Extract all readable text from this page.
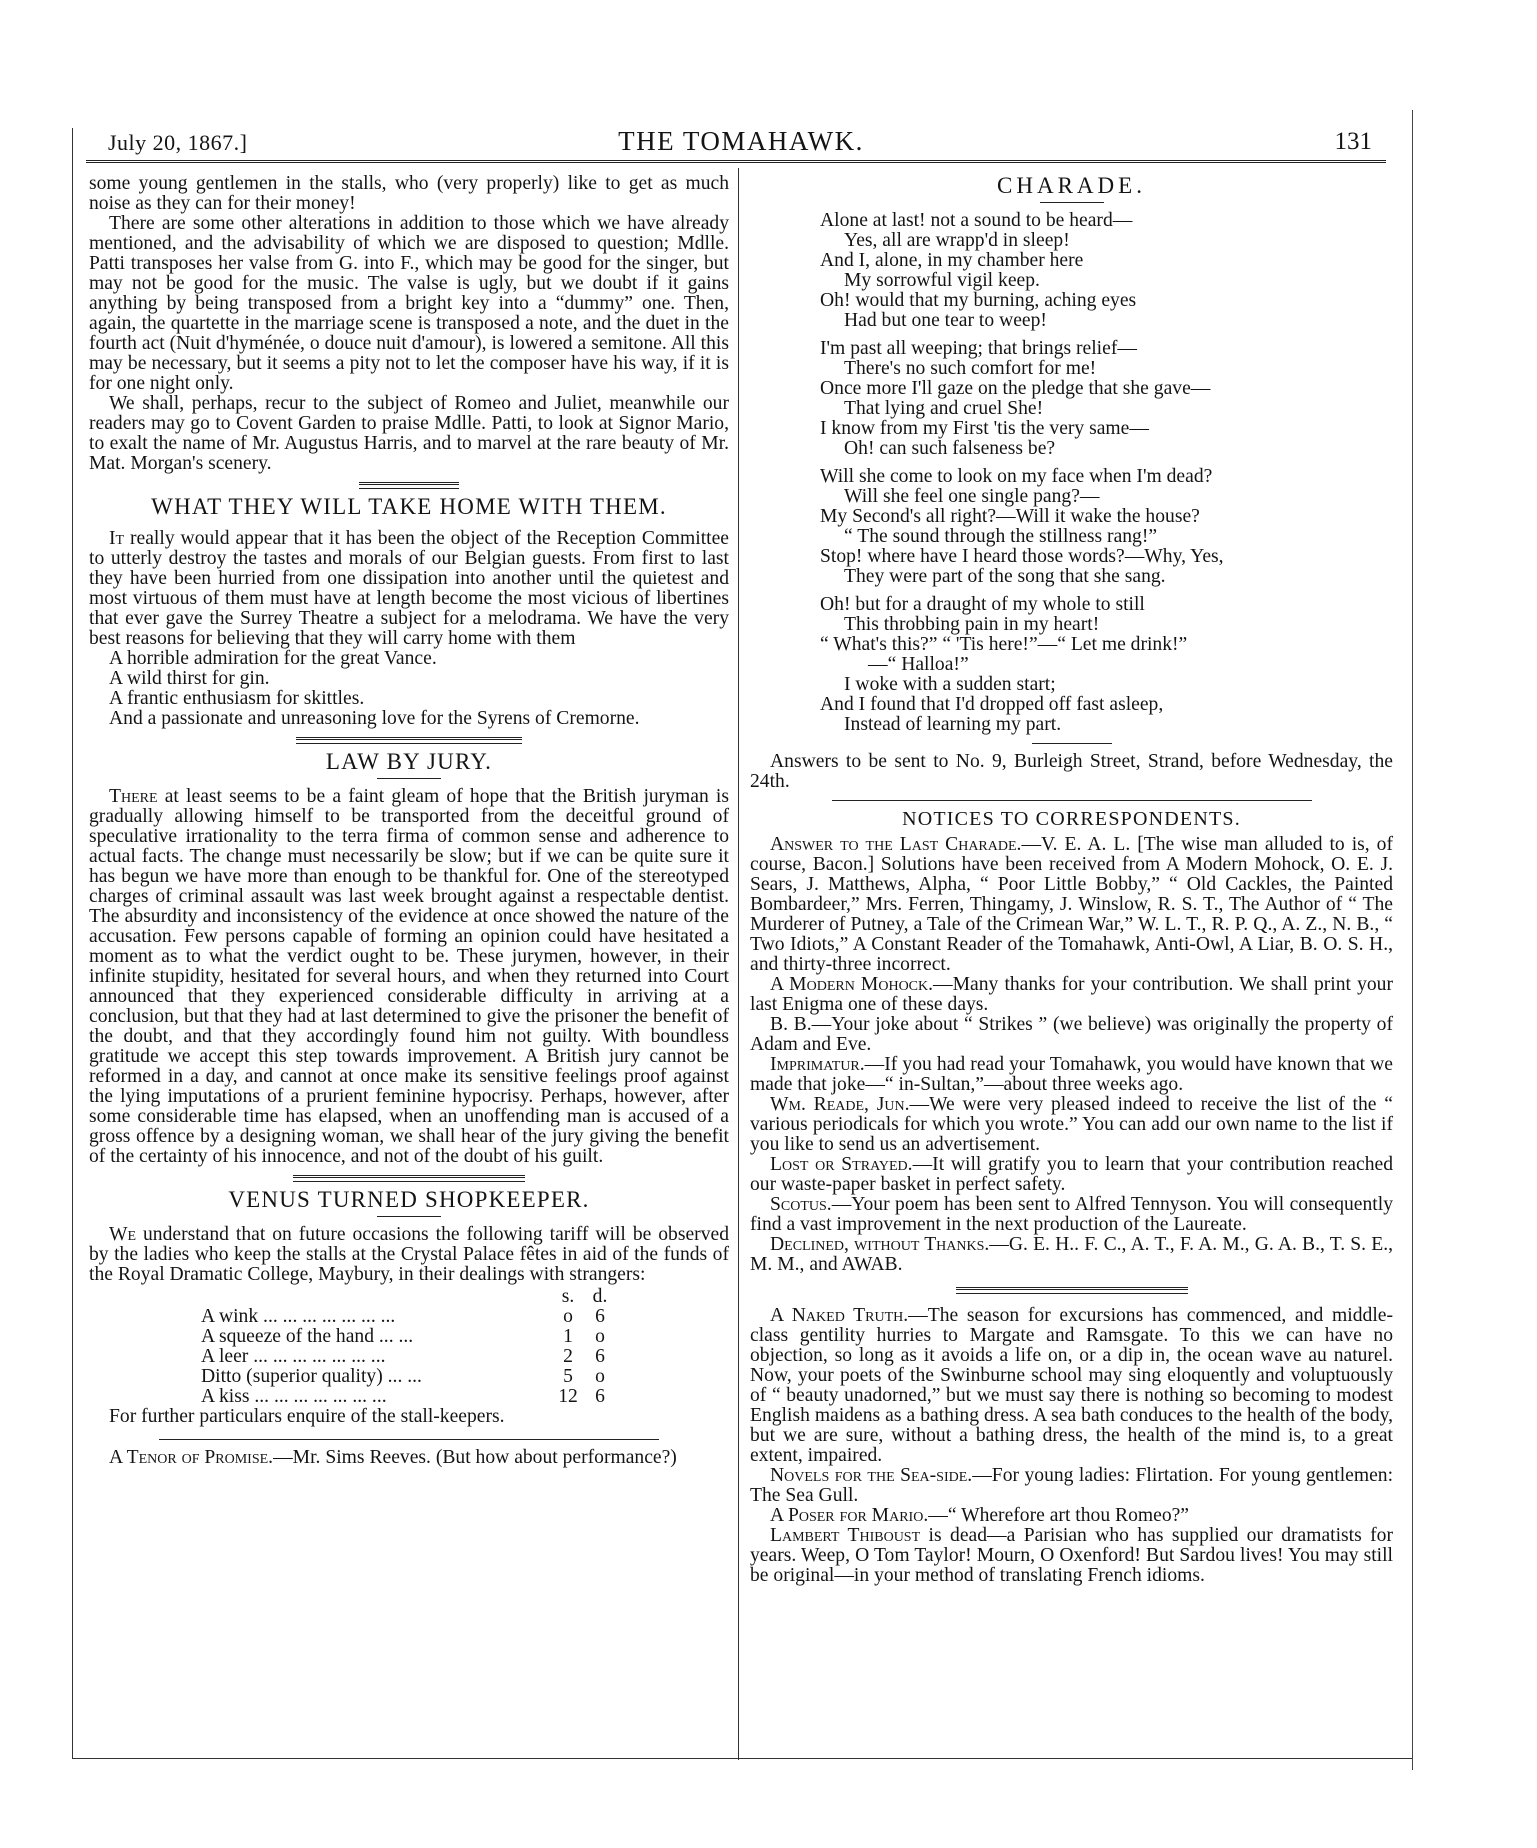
July 20, 1867.]	THE TOMAHAWK.	131

some young gentlemen in the stalls, who (very properly) like to get as much noise as they can for their money!

There are some other alterations in addition to those which we have already mentioned, and the advisability of which we are disposed to question; Mdlle. Patti transposes her valse from G. into F., which may be good for the singer, but may not be good for the music. The valse is ugly, but we doubt if it gains anything by being transposed from a bright key into a “dummy” one. Then, again, the quartette in the marriage scene is transposed a note, and the duet in the fourth act (Nuit d'hyménée, o douce nuit d'amour), is lowered a semitone. All this may be necessary, but it seems a pity not to let the composer have his way, if it is for one night only.

We shall, perhaps, recur to the subject of Romeo and Juliet, meanwhile our readers may go to Covent Garden to praise Mdlle. Patti, to look at Signor Mario, to exalt the name of Mr. Augustus Harris, and to marvel at the rare beauty of Mr. Mat. Morgan's scenery.

WHAT THEY WILL TAKE HOME WITH THEM.

It really would appear that it has been the object of the Reception Committee to utterly destroy the tastes and morals of our Belgian guests. From first to last they have been hurried from one dissipation into another until the quietest and most virtuous of them must have at length become the most vicious of libertines that ever gave the Surrey Theatre a subject for a melodrama. We have the very best reasons for believing that they will carry home with them

A horrible admiration for the great Vance.

A wild thirst for gin.

A frantic enthusiasm for skittles.

And a passionate and unreasoning love for the Syrens of Cremorne.

LAW BY JURY.

There at least seems to be a faint gleam of hope that the British juryman is gradually allowing himself to be transported from the deceitful ground of speculative irrationality to the terra firma of common sense and adherence to actual facts. The change must necessarily be slow; but if we can be quite sure it has begun we have more than enough to be thankful for. One of the stereotyped charges of criminal assault was last week brought against a respectable dentist. The absurdity and inconsistency of the evidence at once showed the nature of the accusation. Few persons capable of forming an opinion could have hesitated a moment as to what the verdict ought to be. These jurymen, however, in their infinite stupidity, hesitated for several hours, and when they returned into Court announced that they experienced considerable difficulty in arriving at a conclusion, but that they had at last determined to give the prisoner the benefit of the doubt, and that they accordingly found him not guilty. With boundless gratitude we accept this step towards improvement. A British jury cannot be reformed in a day, and cannot at once make its sensitive feelings proof against the lying imputations of a prurient feminine hypocrisy. Perhaps, however, after some considerable time has elapsed, when an unoffending man is accused of a gross offence by a designing woman, we shall hear of the jury giving the benefit of the certainty of his innocence, and not of the doubt of his guilt.

VENUS TURNED SHOPKEEPER.

We understand that on future occasions the following tariff will be observed by the ladies who keep the stalls at the Crystal Palace fêtes in aid of the funds of the Royal Dramatic College, Maybury, in their dealings with strangers:

s. d.
A wink ... ... ... ... ... ... ...	o	6
A squeeze of the hand ... ...	1	o
A leer ... ... ... ... ... ... ...	2	6
Ditto (superior quality) ... ...	5	o
A kiss ... ... ... ... ... ... ...	12 6

For further particulars enquire of the stall-keepers.

A Tenor of Promise.—Mr. Sims Reeves. (But how about performance?)

CHARADE.
Alone at last! not a sound to be heard—
Yes, all are wrapp'd in sleep!
And I, alone, in my chamber here
My sorrowful vigil keep.
Oh! would that my burning, aching eyes
Had but one tear to weep!
I'm past all weeping; that brings relief—
There's no such comfort for me!
Once more I'll gaze on the pledge that she gave—
That lying and cruel She!
I know from my First 'tis the very same—
Oh! can such falseness be?
Will she come to look on my face when I'm dead?
Will she feel one single pang?—
My Second's all right?—Will it wake the house?
“ The sound through the stillness rang!”
Stop! where have I heard those words?—Why, Yes,
They were part of the song that she sang.
Oh! but for a draught of my whole to still
This throbbing pain in my heart!
“ What's this?” “ 'Tis here!”—“ Let me drink!”
—“ Halloa!”
I woke with a sudden start;
And I found that I'd dropped off fast asleep,
Instead of learning my part.

Answers to be sent to No. 9, Burleigh Street, Strand, before Wednesday, the 24th.

NOTICES TO CORRESPONDENTS.

Answer to the Last Charade.—V. E. A. L. [The wise man alluded to is, of course, Bacon.] Solutions have been received from A Modern Mohock, O. E. J. Sears, J. Matthews, Alpha, “ Poor Little Bobby,” “ Old Cackles, the Painted Bombardeer,” Mrs. Ferren, Thingamy, J. Winslow, R. S. T., The Author of “ The Murderer of Putney, a Tale of the Crimean War,” W. L. T., R. P. Q., A. Z., N. B., “ Two Idiots,” A Constant Reader of the Tomahawk, Anti-Owl, A Liar, B. O. S. H., and thirty-three incorrect.

A Modern Mohock.—Many thanks for your contribution. We shall print your last Enigma one of these days.

B. B.—Your joke about “ Strikes ” (we believe) was originally the property of Adam and Eve.

Imprimatur.—If you had read your Tomahawk, you would have known that we made that joke—“ in-Sultan,”—about three weeks ago.

Wm. Reade, Jun.—We were very pleased indeed to receive the list of the “ various periodicals for which you wrote.” You can add our own name to the list if you like to send us an advertisement.

Lost or Strayed.—It will gratify you to learn that your contribution reached our waste-paper basket in perfect safety.

Scotus.—Your poem has been sent to Alfred Tennyson. You will consequently find a vast improvement in the next production of the Laureate.

Declined, without Thanks.—G. E. H.. F. C., A. T., F. A. M., G. A. B., T. S. E., M. M., and AWAB.

A Naked Truth.—The season for excursions has commenced, and middle-class gentility hurries to Margate and Ramsgate. To this we can have no objection, so long as it avoids a life on, or a dip in, the ocean wave au naturel. Now, your poets of the Swinburne school may sing eloquently and voluptuously of “ beauty unadorned,” but we must say there is nothing so becoming to modest English maidens as a bathing dress. A sea bath conduces to the health of the body, but we are sure, without a bathing dress, the health of the mind is, to a great extent, impaired.

Novels for the Sea-side.—For young ladies: Flirtation. For young gentlemen: The Sea Gull.

A Poser for Mario.—“ Wherefore art thou Romeo?”

Lambert Thiboust is dead—a Parisian who has supplied our dramatists for years. Weep, O Tom Taylor! Mourn, O Oxenford! But Sardou lives! You may still be original—in your method of translating French idioms.
